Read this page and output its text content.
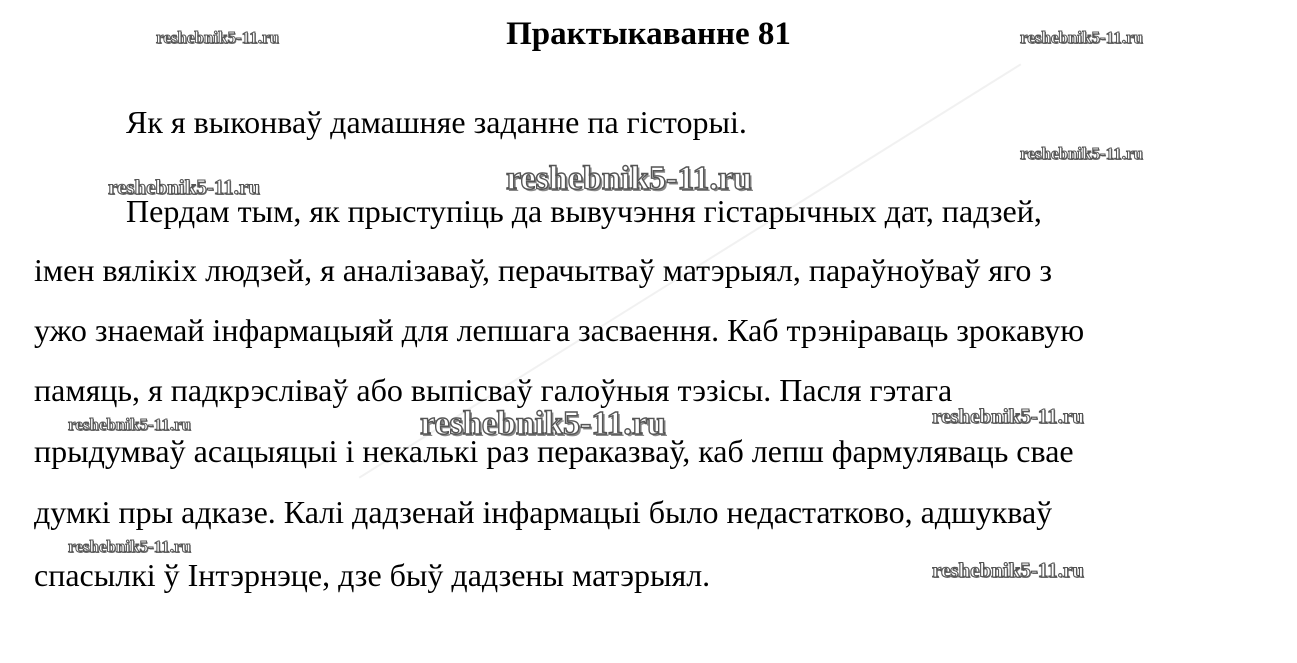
Практыкаванне 81
Як я выконваў дамашняе заданне па гісторыі.
Пердам тым, як прыступіць да вывучэння гістарычных дат, падзей,
імен вялікіх людзей, я аналізаваў, перачытваў матэрыял, параўноўваў яго з
ужо знаемай інфармацыяй для лепшага засваення. Каб трэніраваць зрокавую
памяць, я падкрэсліваў або выпісваў галоўныя тэзісы. Пасля гэтага
прыдумваў асацыяцыі і некалькі раз пераказваў, каб лепш фармуляваць свае
думкі пры адказе. Калі дадзенай інфармацыі было недастатково, адшукваў
спасылкі ў Інтэрнэце, дзе быў дадзены матэрыял.
reshebnik5-11.ru	reshebnik5-11.ru
reshebnik5-11.ru
reshebnik5-11.ru	reshebnik5-11.ru
reshebnik5-11.ru	reshebnik5-11.ru	reshebnik5-11.ru
reshebnik5-11.ru
reshebnik5-11.ru
